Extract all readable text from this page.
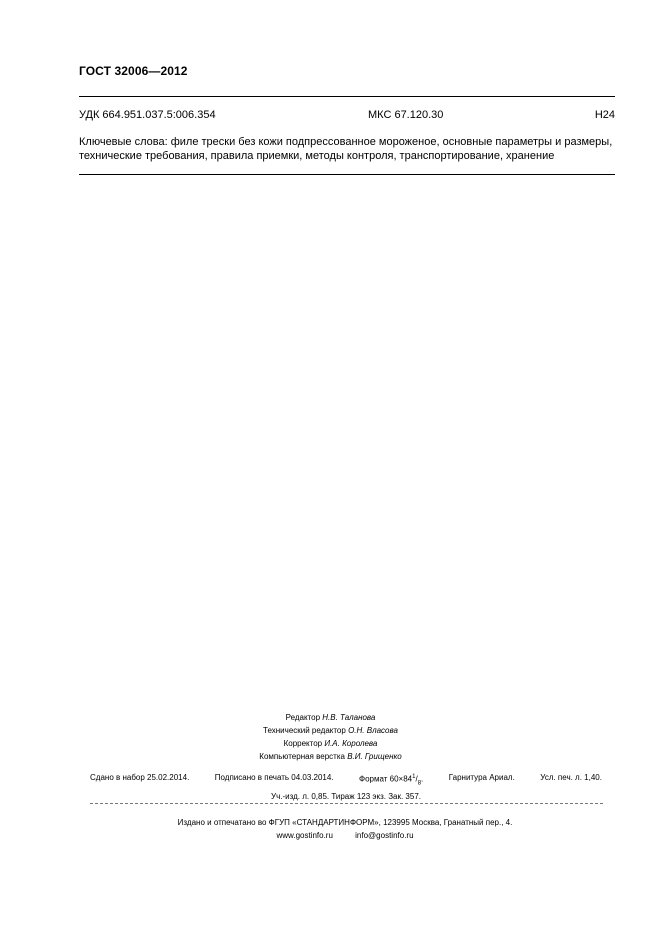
ГОСТ 32006—2012
УДК 664.951.037.5:006.354	МКС 67.120.30	Н24
Ключевые слова: филе трески без кожи подпрессованное мороженое, основные параметры и размеры,
технические требования, правила приемки, методы контроля, транспортирование, хранение
Редактор Н.В. Таланова
Технический редактор О.Н. Власова
Корректор И.А. Королева
Компьютерная верстка В.И. Грищенко
Сдано в набор 25.02.2014.	Подписано в печать 04.03.2014.	Формат $60\times 84^1/_8$.	Гарнитура Ариал.	Усл. печ. л. 1,40.
Уч.-изд. л. 0,85. Тираж 123 экз. Зак. 357.
Издано и отпечатано во ФГУП «СТАНДАРТИНФОРМ», 123995 Москва, Гранатный пер., 4.
www.gostinfo.ru	info@gostinfo.ru
